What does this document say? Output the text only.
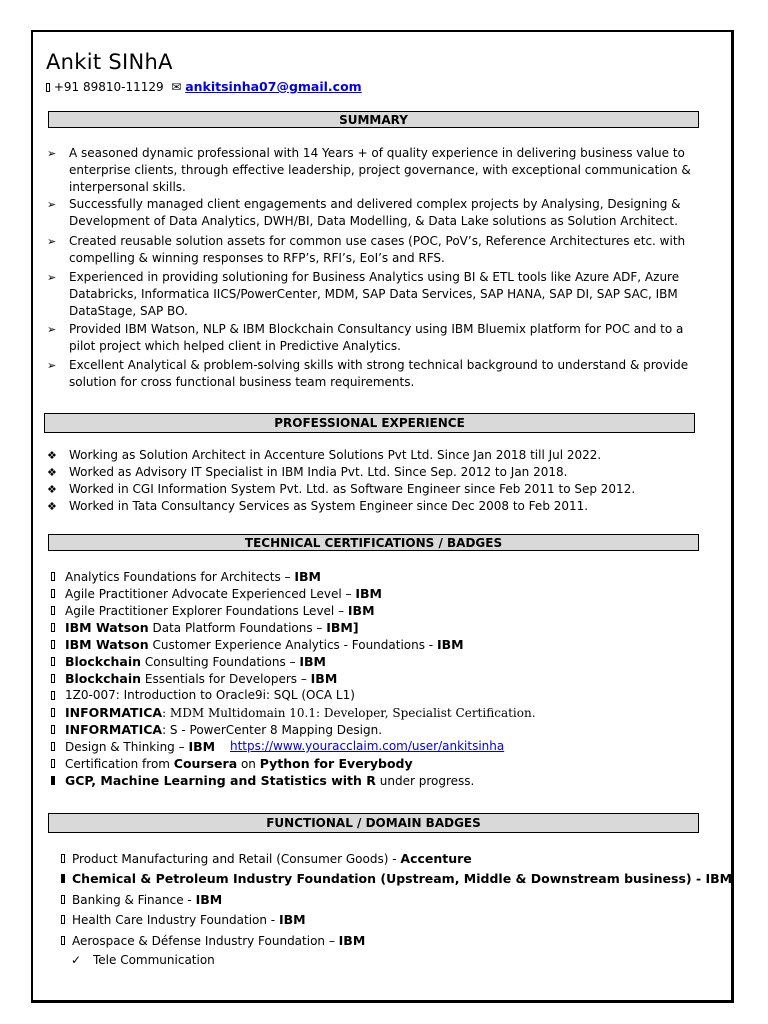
Ankit SINhA
+91 89810-11129 ✉ ankitsinha07@gmail.com
SUMMARY
➢
➢
➢
➢
➢
➢
A seasoned dynamic professional with 14 Years + of quality experience in delivering business value to
enterprise clients, through effective leadership, project governance, with exceptional communication &
interpersonal skills.
Successfully managed client engagements and delivered complex projects by Analysing, Designing &
Development of Data Analytics, DWH/BI, Data Modelling, & Data Lake solutions as Solution Architect.
Created reusable solution assets for common use cases (POC, PoV’s, Reference Architectures etc. with
compelling & winning responses to RFP’s, RFI’s, EoI’s and RFS.
Experienced in providing solutioning for Business Analytics using BI & ETL tools like Azure ADF, Azure
Databricks, Informatica IICS/PowerCenter, MDM, SAP Data Services, SAP HANA, SAP DI, SAP SAC, IBM
DataStage, SAP BO.
Provided IBM Watson, NLP & IBM Blockchain Consultancy using IBM Bluemix platform for POC and to a
pilot project which helped client in Predictive Analytics.
Excellent Analytical & problem-solving skills with strong technical background to understand & provide
solution for cross functional business team requirements.
PROFESSIONAL EXPERIENCE
❖
❖
❖
❖
Working as Solution Architect in Accenture Solutions Pvt Ltd. Since Jan 2018 till Jul 2022.
Worked as Advisory IT Specialist in IBM India Pvt. Ltd. Since Sep. 2012 to Jan 2018.
Worked in CGI Information System Pvt. Ltd. as Software Engineer since Feb 2011 to Sep 2012.
Worked in Tata Consultancy Services as System Engineer since Dec 2008 to Feb 2011.
TECHNICAL CERTIFICATIONS / BADGES
Analytics Foundations for Architects – IBM
Agile Practitioner Advocate Experienced Level – IBM
Agile Practitioner Explorer Foundations Level – IBM
IBM Watson Data Platform Foundations – IBM]
IBM Watson Customer Experience Analytics - Foundations - IBM
Blockchain Consulting Foundations – IBM
Blockchain Essentials for Developers – IBM
1Z0-007: Introduction to Oracle9i: SQL (OCA L1)
INFORMATICA: MDM Multidomain 10.1: Developer, Specialist Certification.
INFORMATICA: S - PowerCenter 8 Mapping Design.
Design & Thinking – IBM https://www.youracclaim.com/user/ankitsinha
Certification from Coursera on Python for Everybody
GCP, Machine Learning and Statistics with R under progress.
FUNCTIONAL / DOMAIN BADGES
Product Manufacturing and Retail (Consumer Goods) - Accenture
Chemical & Petroleum Industry Foundation (Upstream, Middle & Downstream business) - IBM
Banking & Finance - IBM
Health Care Industry Foundation - IBM
Aerospace & Défense Industry Foundation – IBM
✓ Tele Communication
